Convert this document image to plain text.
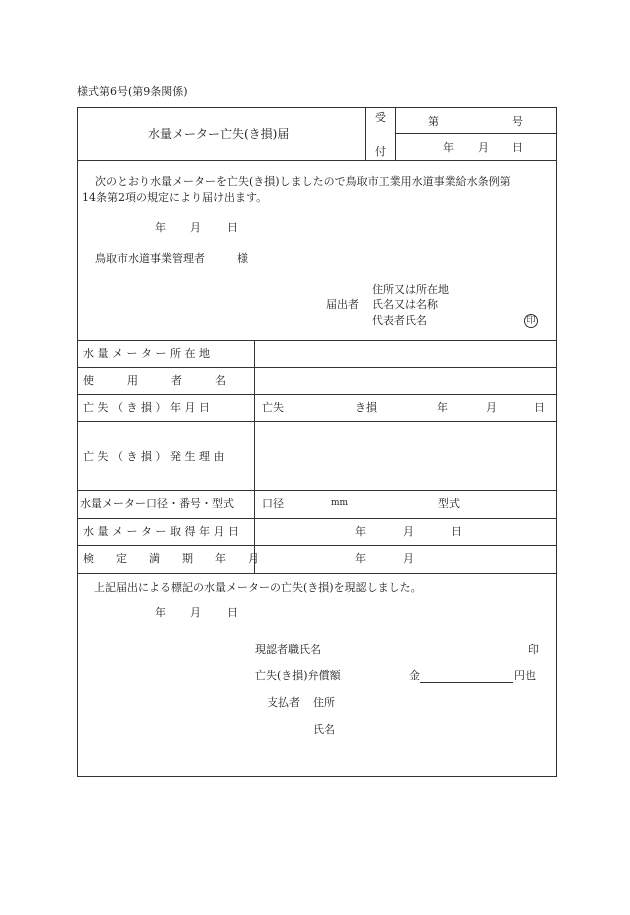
様式第6号(第9条関係)
水量メーター亡失(き損)届
受
付
第	号
年 月 日
次のとおり水量メーターを亡失(き損)しましたので鳥取市工業用水道事業給水条例第
14条第2項の規定により届け出ます。
年 月 日
鳥取市水道事業管理者	様
住所又は所在地
届出者 氏名又は名称
代表者氏名	印
水 量 メ ー タ ー 所 在 地
使　　　用　　　者　　　名
亡 失 （ き 損 ） 年 月 日	亡失	き損	年	月	日
亡 失 （ き 損 ） 発 生 理 由
水量メーター口径・番号・型式	口径	mm	型式
水 量 メ ー タ ー 取 得 年 月 日	年	月	日
検　　定　　満　　期　　年　　月	年	月
上記届出による標記の水量メーターの亡失(き損)を現認しました。
年 月 日
現認者職氏名	印
亡失(き損)弁償額	金	円也
支払者 住所
氏名
